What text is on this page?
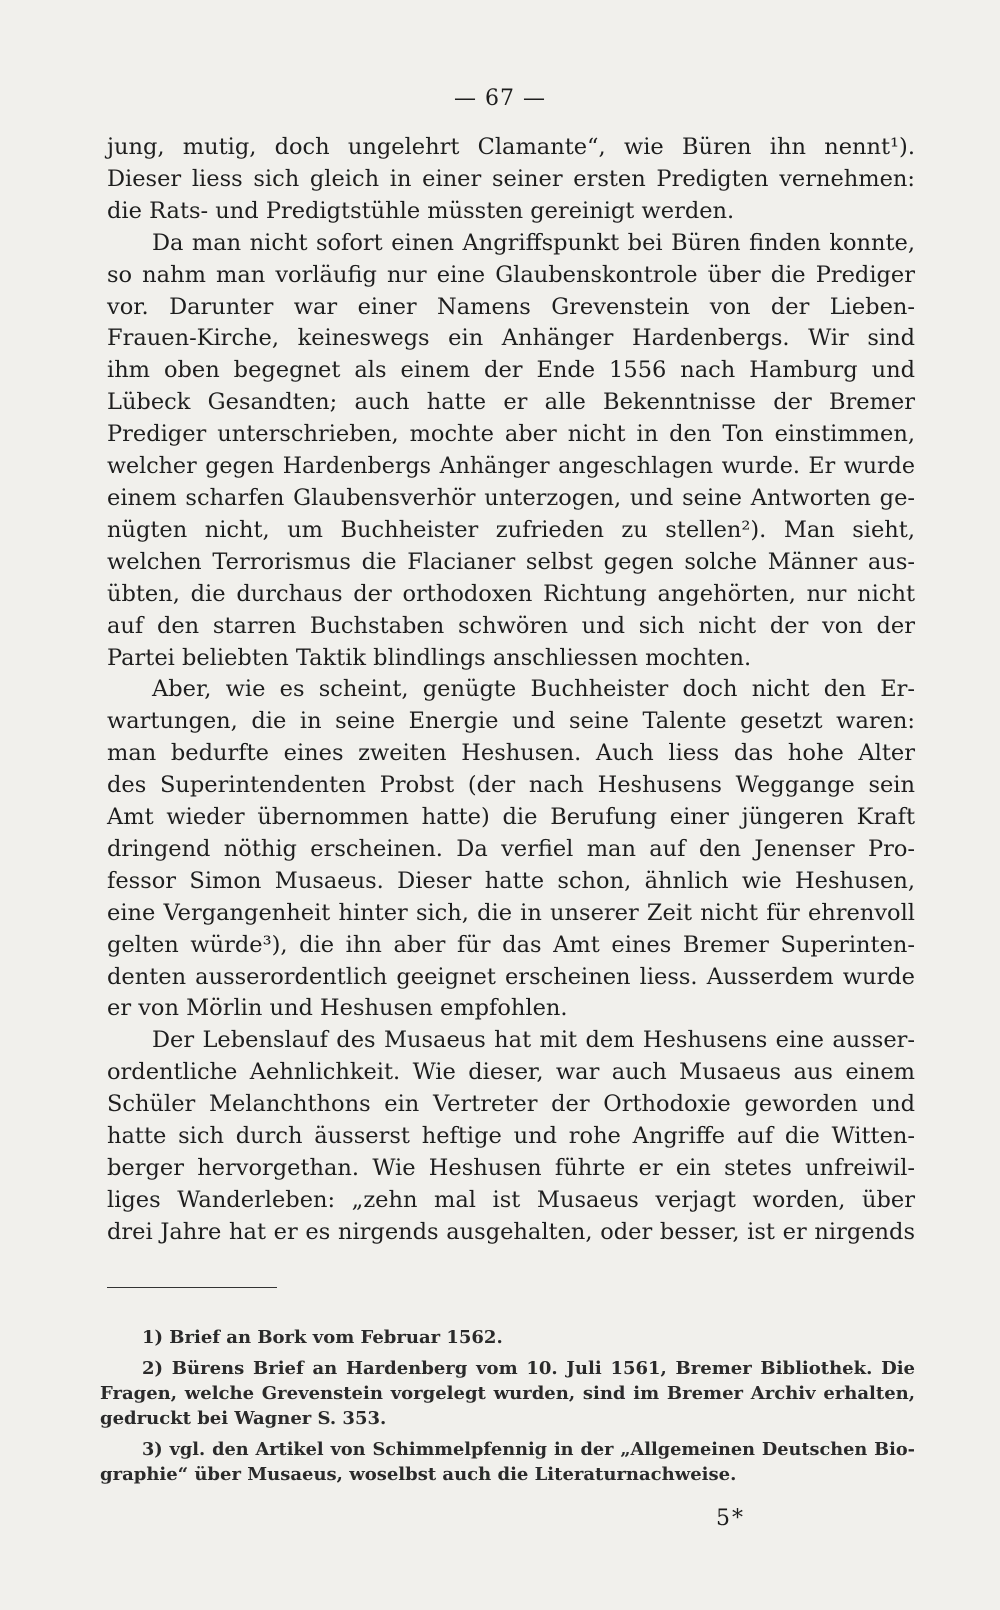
— 67 —

jung, mutig, doch ungelehrt Clamante“, wie Büren ihn nennt¹).
Dieser liess sich gleich in einer seiner ersten Predigten vernehmen:
die Rats- und Predigtstühle müssten gereinigt werden.

Da man nicht sofort einen Angriffspunkt bei Büren finden konnte,
so nahm man vorläufig nur eine Glaubenskontrole über die Prediger
vor. Darunter war einer Namens Grevenstein von der Lieben-
Frauen-Kirche, keineswegs ein Anhänger Hardenbergs. Wir sind
ihm oben begegnet als einem der Ende 1556 nach Hamburg und
Lübeck Gesandten; auch hatte er alle Bekenntnisse der Bremer
Prediger unterschrieben, mochte aber nicht in den Ton einstimmen,
welcher gegen Hardenbergs Anhänger angeschlagen wurde. Er wurde
einem scharfen Glaubensverhör unterzogen, und seine Antworten ge-
nügten nicht, um Buchheister zufrieden zu stellen²). Man sieht,
welchen Terrorismus die Flacianer selbst gegen solche Männer aus-
übten, die durchaus der orthodoxen Richtung angehörten, nur nicht
auf den starren Buchstaben schwören und sich nicht der von der
Partei beliebten Taktik blindlings anschliessen mochten.

Aber, wie es scheint, genügte Buchheister doch nicht den Er-
wartungen, die in seine Energie und seine Talente gesetzt waren:
man bedurfte eines zweiten Heshusen. Auch liess das hohe Alter
des Superintendenten Probst (der nach Heshusens Weggange sein
Amt wieder übernommen hatte) die Berufung einer jüngeren Kraft
dringend nöthig erscheinen. Da verfiel man auf den Jenenser Pro-
fessor Simon Musaeus. Dieser hatte schon, ähnlich wie Heshusen,
eine Vergangenheit hinter sich, die in unserer Zeit nicht für ehrenvoll
gelten würde³), die ihn aber für das Amt eines Bremer Superinten-
denten ausserordentlich geeignet erscheinen liess. Ausserdem wurde
er von Mörlin und Heshusen empfohlen.

Der Lebenslauf des Musaeus hat mit dem Heshusens eine ausser-
ordentliche Aehnlichkeit. Wie dieser, war auch Musaeus aus einem
Schüler Melanchthons ein Vertreter der Orthodoxie geworden und
hatte sich durch äusserst heftige und rohe Angriffe auf die Witten-
berger hervorgethan. Wie Heshusen führte er ein stetes unfreiwil-
liges Wanderleben: „zehn mal ist Musaeus verjagt worden, über
drei Jahre hat er es nirgends ausgehalten, oder besser, ist er nirgends

1) Brief an Bork vom Februar 1562.
2) Bürens Brief an Hardenberg vom 10. Juli 1561, Bremer Bibliothek. Die
Fragen, welche Grevenstein vorgelegt wurden, sind im Bremer Archiv erhalten,
gedruckt bei Wagner S. 353.
3) vgl. den Artikel von Schimmelpfennig in der „Allgemeinen Deutschen Bio-
graphie“ über Musaeus, woselbst auch die Literaturnachweise.
5*
